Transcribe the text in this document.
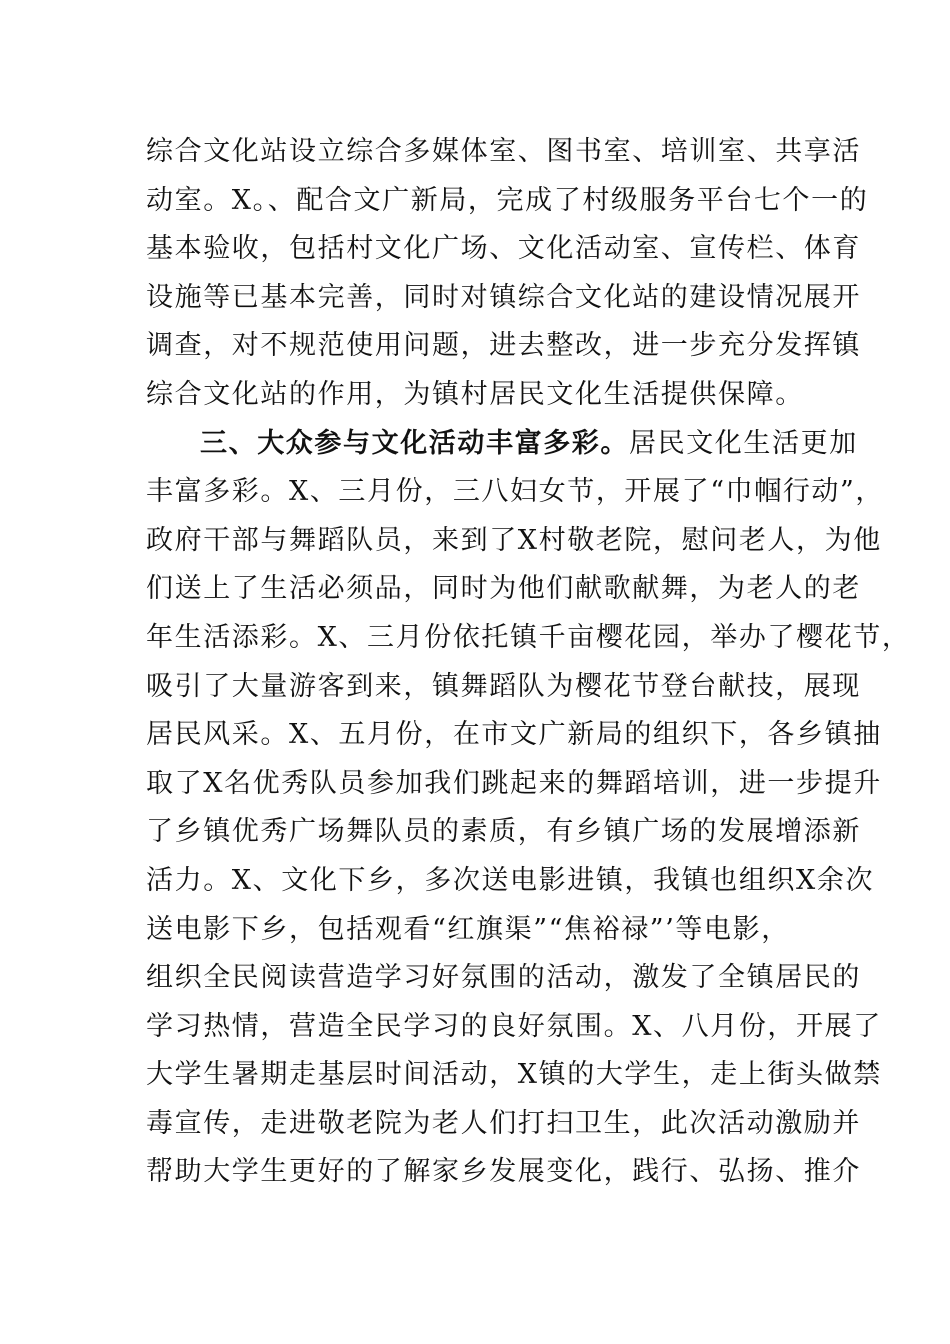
综合文化站设立综合多媒体室、图书室、培训室、共享活
动室。X。、配合文广新局，完成了村级服务平台七个一的
基本验收，包括村文化广场、文化活动室、宣传栏、体育
设施等已基本完善，同时对镇综合文化站的建设情况展开
调查，对不规范使用问题，进去整改，进一步充分发挥镇
综合文化站的作用，为镇村居民文化生活提供保障。
三、大众参与文化活动丰富多彩。居民文化生活更加
丰富多彩。X、三月份，三八妇女节，开展了“巾帼行动”，
政府干部与舞蹈队员，来到了X村敬老院，慰问老人，为他
们送上了生活必须品，同时为他们献歌献舞，为老人的老
年生活添彩。X、三月份依托镇千亩樱花园，举办了樱花节，
吸引了大量游客到来，镇舞蹈队为樱花节登台献技，展现
居民风采。X、五月份，在市文广新局的组织下，各乡镇抽
取了X名优秀队员参加我们跳起来的舞蹈培训，进一步提升
了乡镇优秀广场舞队员的素质，有乡镇广场的发展增添新
活力。X、文化下乡，多次送电影进镇，我镇也组织X余次
送电影下乡，包括观看“红旗渠”“焦裕禄”’等电影，
组织全民阅读营造学习好氛围的活动，激发了全镇居民的
学习热情，营造全民学习的良好氛围。X、八月份，开展了
大学生暑期走基层时间活动，X镇的大学生，走上街头做禁
毒宣传，走进敬老院为老人们打扫卫生，此次活动激励并
帮助大学生更好的了解家乡发展变化，践行、弘扬、推介
